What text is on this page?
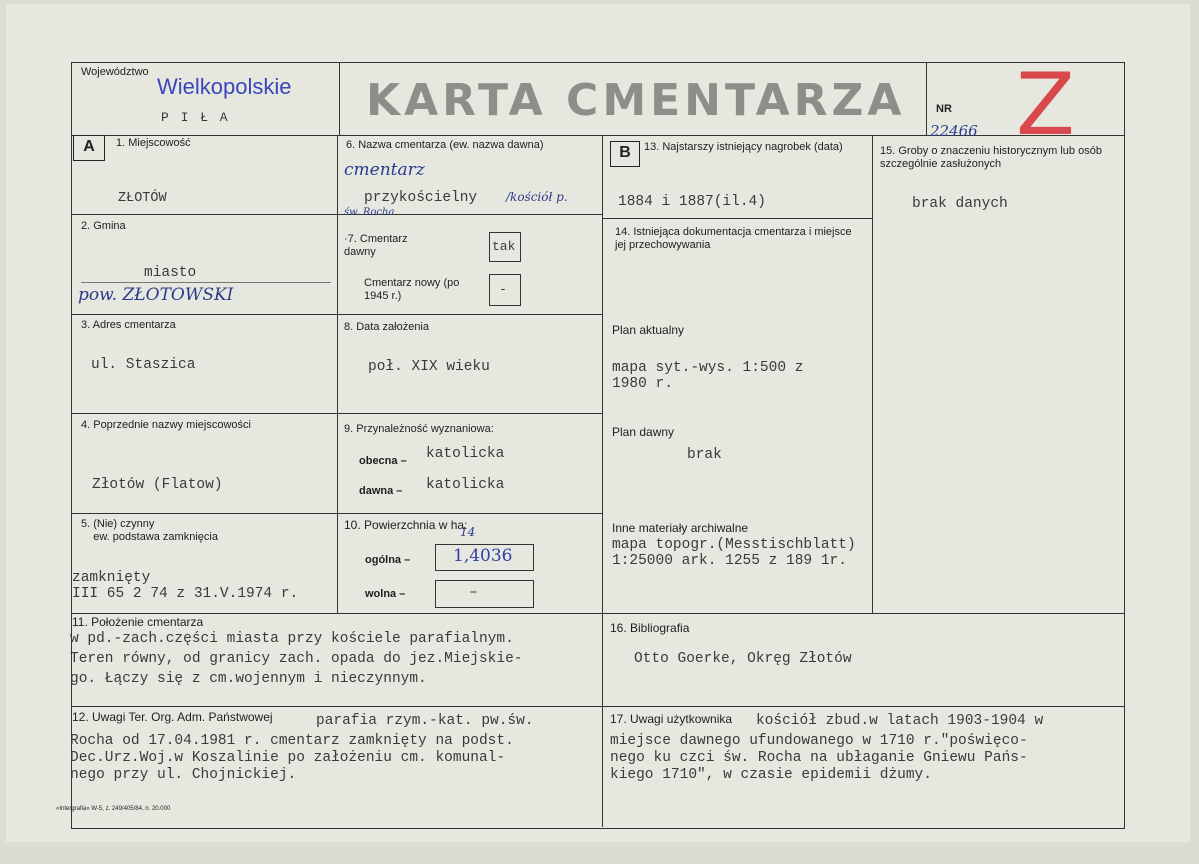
Województwo
Wielkopolskie
P I Ł A	KARTA CMENTARZA	NR
22466 Z
A	B
1. Miejscowość
ZŁOTÓW
6. Nazwa cmentarza (ew. nazwa dawna)
cmentarz
przykościelny /kościół p.
św. Rocha
13. Najstarszy istniejący nagrobek (data)
1884 i 1887(il.4)
15. Groby o znaczeniu historycznym lub osób szczególnie zasłużonych
brak danych
2. Gmina
miasto
pow. ZŁOTOWSKI
·7. Cmentarz dawny	tak
Cmentarz nowy (po 1945 r.)	-
14. Istniejąca dokumentacja cmentarza i miejsce jej przechowywania
3. Adres cmentarza
ul. Staszica
8. Data założenia
poł. XIX wieku
Plan aktualny
mapa syt.-wys. 1:500 z
1980 r.
4. Poprzednie nazwy miejscowości
Złotów (Flatow)
9. Przynależność wyznaniowa:
obecna – katolicka
dawna – katolicka
Plan dawny
brak
5. (Nie) czynny
ew. podstawa zamknięcia
zamknięty
III 65 2 74 z 31.V.1974 r.
10. Powierzchnia w ha:
14
ogólna –	1,4036
wolna –	–
Inne materiały archiwalne
mapa topogr.(Messtischblatt)
1:25000 ark. 1255 z 189 1r.
11. Położenie cmentarza
w pd.-zach.części miasta przy kościele parafialnym.
Teren równy, od granicy zach. opada do jez.Miejskie-
go. Łączy się z cm.wojennym i nieczynnym.
16. Bibliografia
Otto Goerke, Okręg Złotów
12. Uwagi Ter. Org. Adm. Państwowej	parafia rzym.-kat. pw.św.
Rocha od 17.04.1981 r. cmentarz zamknięty na podst.
Dec.Urz.Woj.w Koszalinie po założeniu cm. komunal-
nego przy ul. Chojnickiej.
17. Uwagi użytkownika kościół zbud.w latach 1903-1904 w
miejsce dawnego ufundowanego w 1710 r."poświęco-
nego ku czci św. Rocha na ubłaganie Gniewu Pańs-
kiego 1710", w czasie epidemii dżumy.
«Intergrafia» W-5, z. 249/405/84, n. 20.000
